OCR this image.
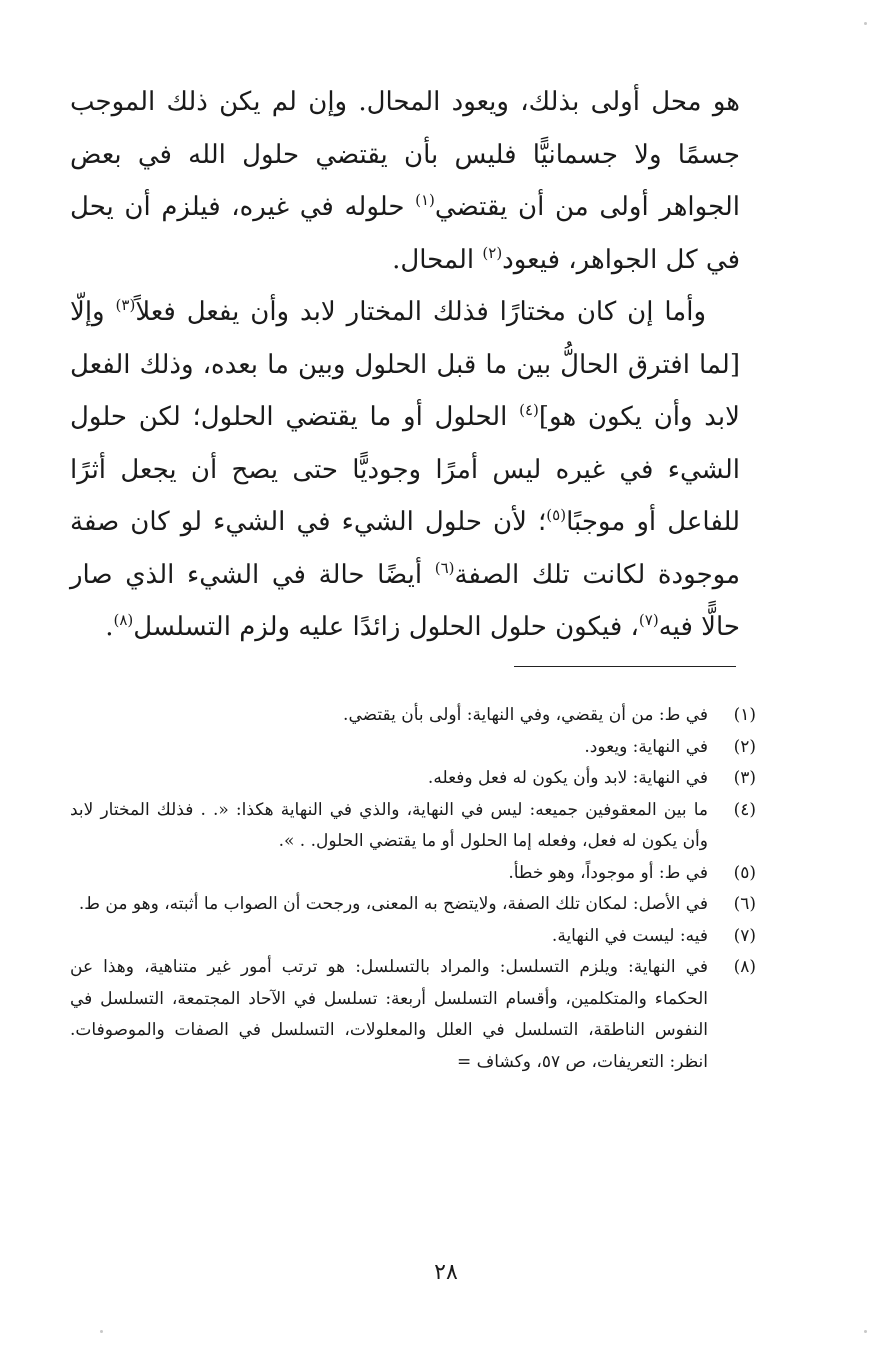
هو محل أولى بذلك، ويعود المحال. وإن لم يكن ذلك الموجب جسمًا ولا جسمانيًّا فليس بأن يقتضي حلول الله في بعض الجواهر أولى من أن يقتضي$^{(١)}$ حلوله في غيره، فيلزم أن يحل في كل الجواهر، فيعود$^{(٢)}$ المحال.

وأما إن كان مختارًا فذلك المختار لابد وأن يفعل فعلاً$^{(٣)}$ وإلّا [لما افترق الحالُّ بين ما قبل الحلول وبين ما بعده، وذلك الفعل لابد وأن يكون هو]$^{(٤)}$ الحلول أو ما يقتضي الحلول؛ لكن حلول الشيء في غيره ليس أمرًا وجوديًّا حتى يصح أن يجعل أثرًا للفاعل أو موجبًا$^{(٥)}$؛ لأن حلول الشيء في الشيء لو كان صفة موجودة لكانت تلك الصفة$^{(٦)}$ أيضًا حالة في الشيء الذي صار حالًّا فيه$^{(٧)}$، فيكون حلول الحلول زائدًا عليه ولزم التسلسل$^{(٨)}$.

(١)
في ط: من أن يقضي، وفي النهاية: أولى بأن يقتضي.
(٢)
في النهاية: ويعود.
(٣)
في النهاية: لابد وأن يكون له فعل وفعله.
(٤)
ما بين المعقوفين جميعه: ليس في النهاية، والذي في النهاية هكذا: «. . فذلك المختار لابد وأن يكون له فعل، وفعله إما الحلول أو ما يقتضي الحلول. . ».
(٥)
في ط: أو موجوداً، وهو خطأ.
(٦)
في الأصل: لمكان تلك الصفة، ولايتضح به المعنى، ورجحت أن الصواب ما أثبته، وهو من ط.
(٧)
فيه: ليست في النهاية.
(٨)
في النهاية: ويلزم التسلسل: والمراد بالتسلسل: هو ترتب أمور غير متناهية، وهذا عن الحكماء والمتكلمين، وأقسام التسلسل أربعة: تسلسل في الآحاد المجتمعة، التسلسل في النفوس الناطقة، التسلسل في العلل والمعلولات، التسلسل في الصفات والموصوفات. انظر: التعريفات، ص ٥٧، وكشاف =
٢٨
